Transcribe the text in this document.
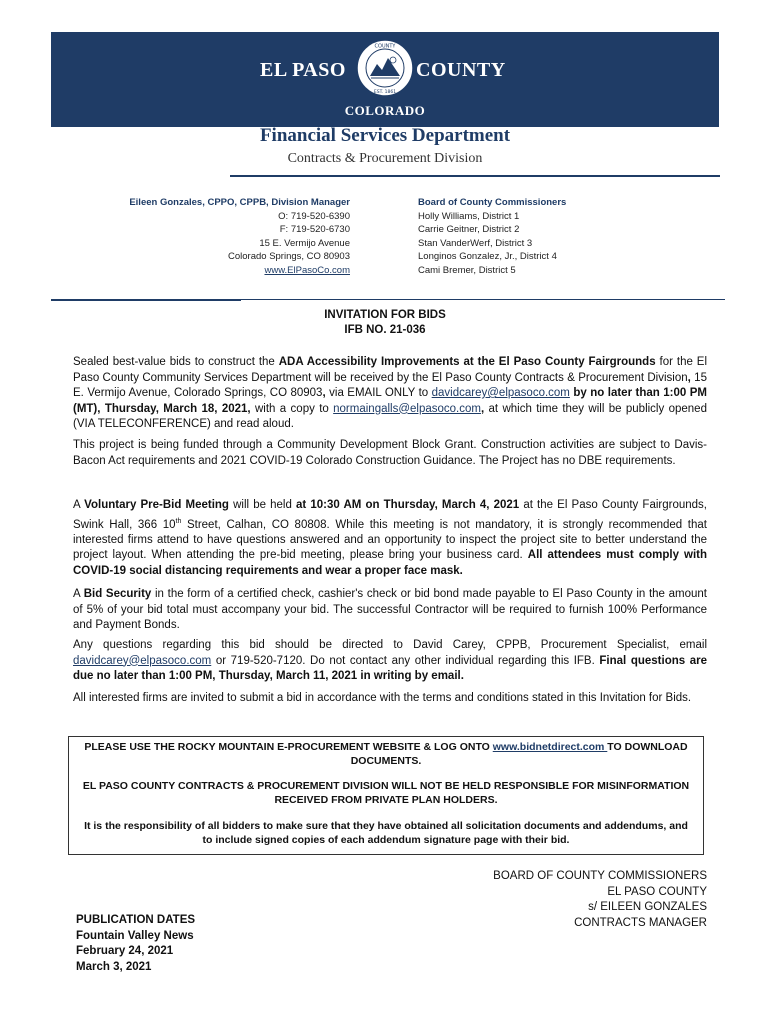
EL PASO
COUNTY
EST. 1861
COUNTY
COLORADO
Financial Services Department
Contracts & Procurement Division
Eileen Gonzales, CPPO, CPPB, Division Manager
O: 719-520-6390
F: 719-520-6730
15 E. Vermijo Avenue
Colorado Springs, CO 80903
www.ElPasoCo.com
Board of County Commissioners
Holly Williams, District 1
Carrie Geitner, District 2
Stan VanderWerf, District 3
Longinos Gonzalez, Jr., District 4
Cami Bremer, District 5
INVITATION FOR BIDS
IFB NO. 21-036

Sealed best-value bids to construct the ADA Accessibility Improvements at the El Paso County Fairgrounds for the El Paso County Community Services Department will be received by the El Paso County Contracts & Procurement Division, 15 E. Vermijo Avenue, Colorado Springs, CO 80903, via EMAIL ONLY to davidcarey@elpasoco.com by no later than 1:00 PM (MT), Thursday, March 18, 2021, with a copy to normaingalls@elpasoco.com, at which time they will be publicly opened (VIA TELECONFERENCE) and read aloud.

This project is being funded through a Community Development Block Grant. Construction activities are subject to Davis-Bacon Act requirements and 2021 COVID-19 Colorado Construction Guidance. The Project has no DBE requirements.

A Voluntary Pre-Bid Meeting will be held at 10:30 AM on Thursday, March 4, 2021 at the El Paso County Fairgrounds, Swink Hall, 366 10th Street, Calhan, CO 80808. While this meeting is not mandatory, it is strongly recommended that interested firms attend to have questions answered and an opportunity to inspect the project site to better understand the project layout. When attending the pre-bid meeting, please bring your business card. All attendees must comply with COVID-19 social distancing requirements and wear a proper face mask.

A Bid Security in the form of a certified check, cashier's check or bid bond made payable to El Paso County in the amount of 5% of your bid total must accompany your bid. The successful Contractor will be required to furnish 100% Performance and Payment Bonds.

Any questions regarding this bid should be directed to David Carey, CPPB, Procurement Specialist, email davidcarey@elpasoco.com or 719-520-7120. Do not contact any other individual regarding this IFB. Final questions are due no later than 1:00 PM, Thursday, March 11, 2021 in writing by email.

All interested firms are invited to submit a bid in accordance with the terms and conditions stated in this Invitation for Bids.

PLEASE USE THE ROCKY MOUNTAIN E-PROCUREMENT WEBSITE & LOG ONTO www.bidnetdirect.com TO DOWNLOAD DOCUMENTS.

EL PASO COUNTY CONTRACTS & PROCUREMENT DIVISION WILL NOT BE HELD RESPONSIBLE FOR MISINFORMATION RECEIVED FROM PRIVATE PLAN HOLDERS.

It is the responsibility of all bidders to make sure that they have obtained all solicitation documents and addendums, and to include signed copies of each addendum signature page with their bid.

BOARD OF COUNTY COMMISSIONERS
EL PASO COUNTY
s/ EILEEN GONZALES
CONTRACTS MANAGER
PUBLICATION DATES
Fountain Valley News
February 24, 2021
March 3, 2021
